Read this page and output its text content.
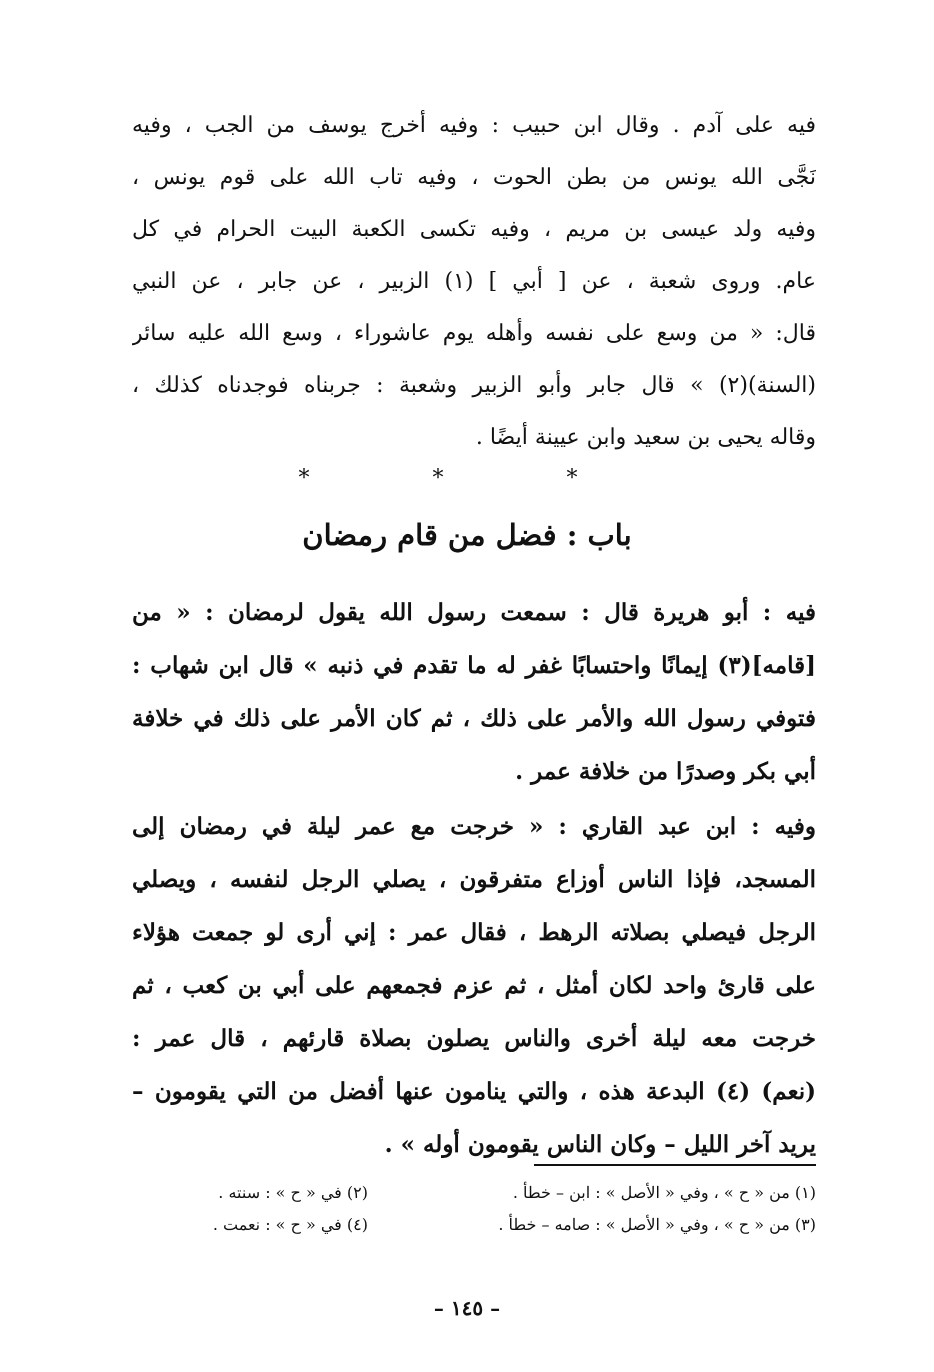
فيه على آدم . وقال ابن حبيب : وفيه أخرج يوسف من الجب ، وفيه
نَجَّى الله يونس من بطن الحوت ، وفيه تاب الله على قوم يونس ،
وفيه ولد عيسى بن مريم ، وفيه تكسى الكعبة البيت الحرام في كل
عام. وروى شعبة ، عن [ أبي ] (١) الزبير ، عن جابر ، عن النبي
قال: « من وسع على نفسه وأهله يوم عاشوراء ، وسع الله عليه سائر
(السنة)(٢) » قال جابر وأبو الزبير وشعبة : جربناه فوجدناه كذلك ،
وقاله يحيى بن سعيد وابن عيينة أيضًا .
* * *
باب : فضل من قام رمضان
فيه : أبو هريرة قال : سمعت رسول الله يقول لرمضان : « من
[قامه](٣) إيمانًا واحتسابًا غفر له ما تقدم في ذنبه » قال ابن شهاب :
فتوفي رسول الله والأمر على ذلك ، ثم كان الأمر على ذلك في خلافة
أبي بكر وصدرًا من خلافة عمر .
وفيه : ابن عبد القاري : « خرجت مع عمر ليلة في رمضان إلى
المسجد، فإذا الناس أوزاع متفرقون ، يصلي الرجل لنفسه ، ويصلي
الرجل فيصلي بصلاته الرهط ، فقال عمر : إني أرى لو جمعت هؤلاء
على قارئ واحد لكان أمثل ، ثم عزم فجمعهم على أبي بن كعب ، ثم
خرجت معه ليلة أخرى والناس يصلون بصلاة قارئهم ، قال عمر :
(نعم) (٤) البدعة هذه ، والتي ينامون عنها أفضل من التي يقومون –
يريد آخر الليل – وكان الناس يقومون أوله » .
(١) من « ح » ، وفي « الأصل » : ابن – خطأ .
(٢) في « ح » : سنته .
(٣) من « ح » ، وفي « الأصل » : صامه – خطأ .
(٤) في « ح » : نعمت .
– ١٤٥ –
